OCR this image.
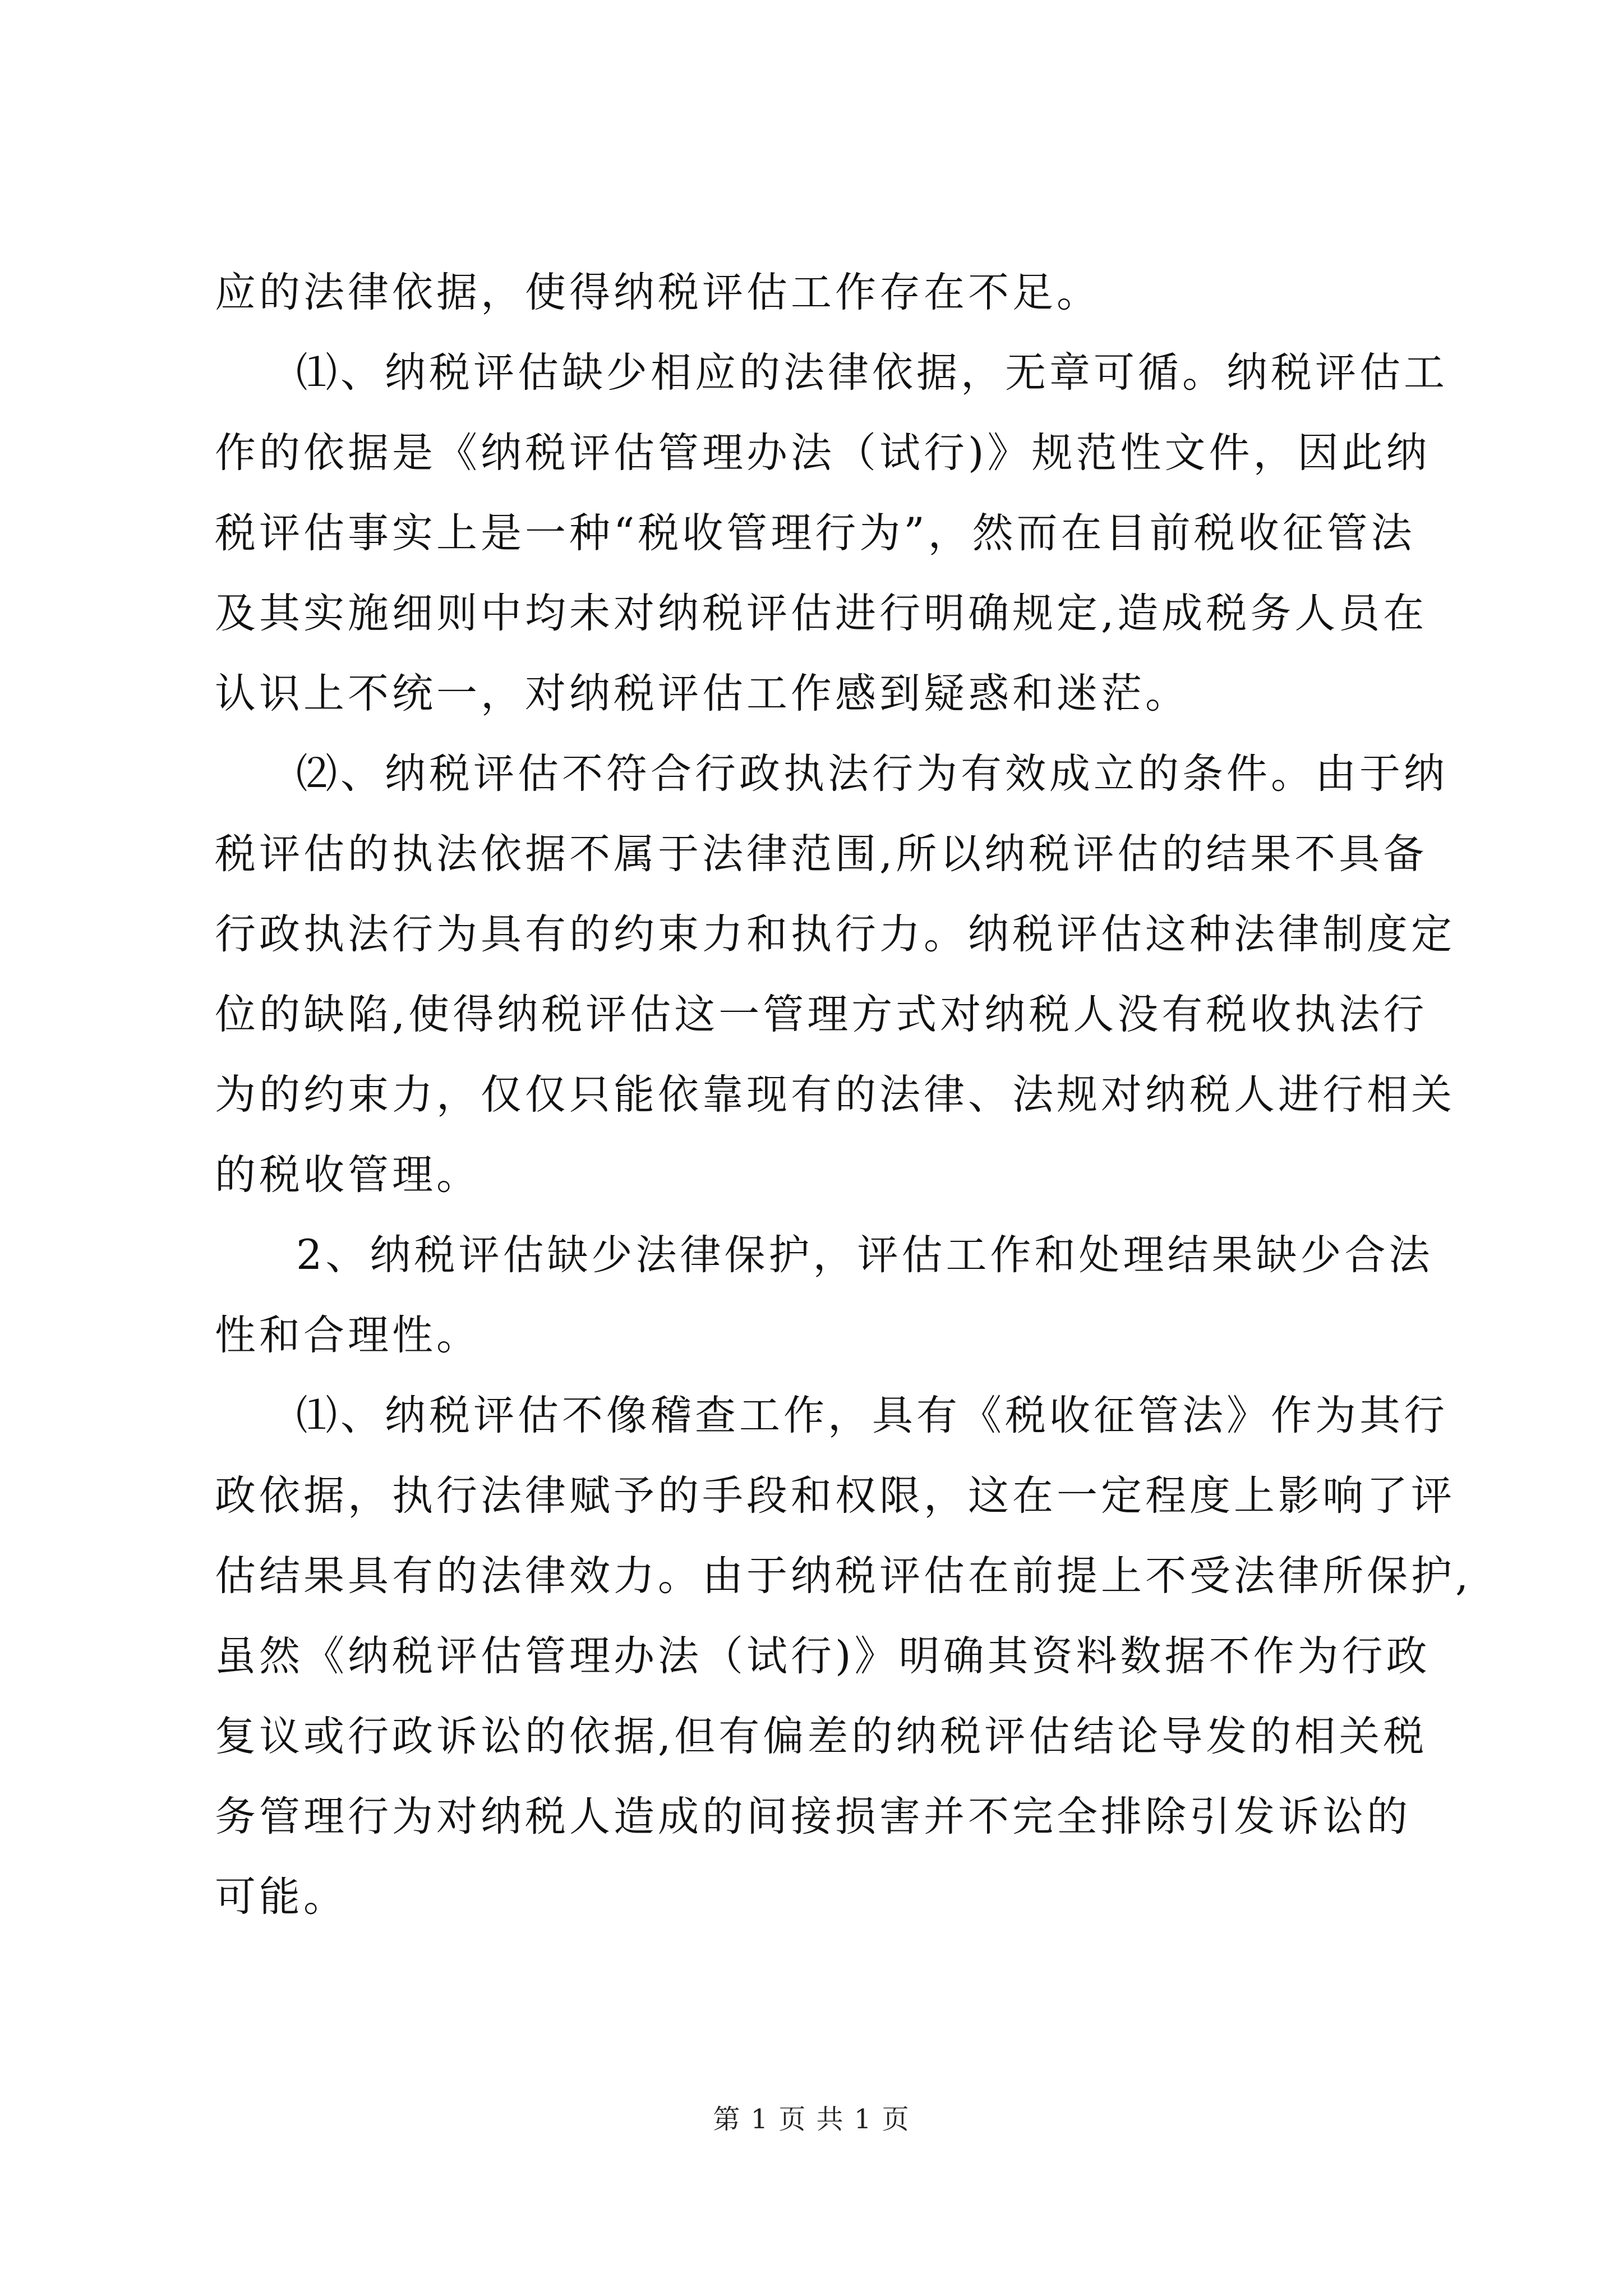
应的法律依据，使得纳税评估工作存在不足。
⑴、纳税评估缺少相应的法律依据，无章可循。纳税评估工
作的依据是《纳税评估管理办法（试行)》规范性文件，因此纳
税评估事实上是一种“税收管理行为”，然而在目前税收征管法
及其实施细则中均未对纳税评估进行明确规定,造成税务人员在
认识上不统一，对纳税评估工作感到疑惑和迷茫。
⑵、纳税评估不符合行政执法行为有效成立的条件。由于纳
税评估的执法依据不属于法律范围,所以纳税评估的结果不具备
行政执法行为具有的约束力和执行力。纳税评估这种法律制度定
位的缺陷,使得纳税评估这一管理方式对纳税人没有税收执法行
为的约束力，仅仅只能依靠现有的法律、法规对纳税人进行相关
的税收管理。
2、纳税评估缺少法律保护，评估工作和处理结果缺少合法
性和合理性。
⑴、纳税评估不像稽查工作，具有《税收征管法》作为其行
政依据，执行法律赋予的手段和权限，这在一定程度上影响了评
估结果具有的法律效力。由于纳税评估在前提上不受法律所保护,
虽然《纳税评估管理办法（试行)》明确其资料数据不作为行政
复议或行政诉讼的依据,但有偏差的纳税评估结论导发的相关税
务管理行为对纳税人造成的间接损害并不完全排除引发诉讼的
可能。
第 1 页 共 1 页
